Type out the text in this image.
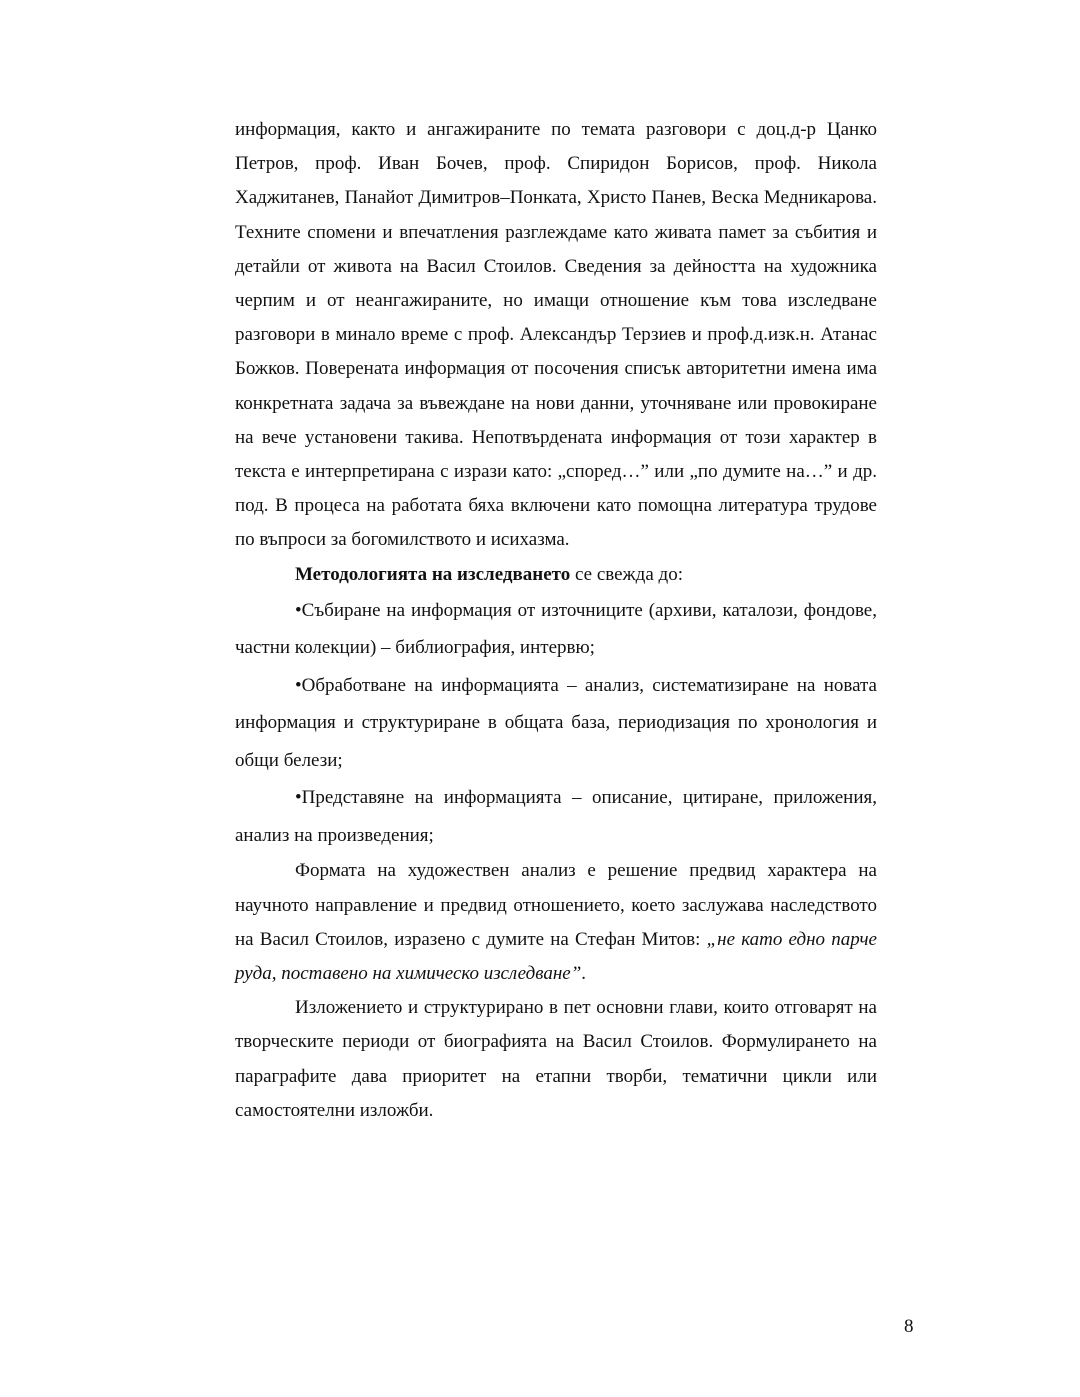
информация, както и ангажираните по темата разговори с доц.д-р Цанко Петров, проф. Иван Бочев, проф. Спиридон Борисов, проф. Никола Хаджитанев, Панайот Димитров–Понката, Христо Панев, Веска Медникарова. Техните спомени и впечатления разглеждаме като живата памет за събития и детайли от живота на Васил Стоилов. Сведения за дейността на художника черпим и от неангажираните, но имащи отношение към това изследване разговори в минало време с проф. Александър Терзиев и проф.д.изк.н. Атанас Божков. Поверената информация от посочения списък авторитетни имена има конкретната задача за въвеждане на нови данни, уточняване или провокиране на вече установени такива. Непотвърдената информация от този характер в текста е интерпретирана с изрази като: „според…” или „по думите на…” и др. под. В процеса на работата бяха включени като помощна литература трудове по въпроси за богомилството и исихазма.

Методологията на изследването се свежда до:

•Събиране на информация от източниците (архиви, каталози, фондове, частни колекции) – библиография, интервю;

•Обработване на информацията – анализ, систематизиране на новата информация и структуриране в общата база, периодизация по хронология и общи белези;

•Представяне на информацията – описание, цитиране, приложения, анализ на произведения;

Формата на художествен анализ е решение предвид характера на научното направление и предвид отношението, което заслужава наследството на Васил Стоилов, изразено с думите на Стефан Митов: „не като едно парче руда, поставено на химическо изследване”.

Изложението и структурирано в пет основни глави, които отговарят на творческите периоди от биографията на Васил Стоилов. Формулирането на параграфите дава приоритет на етапни творби, тематични цикли или самостоятелни изложби.

8
